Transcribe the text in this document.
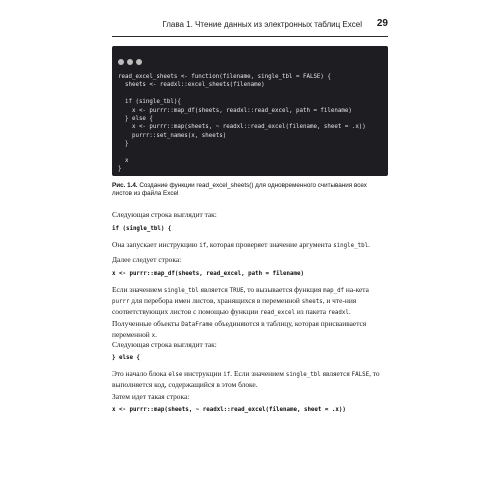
Глава 1. Чтение данных из электронных таблиц Excel 29
read_excel_sheets <- function(filename, single_tbl = FALSE) {
sheets <- readxl::excel_sheets(filename)

if (single_tbl){
x <- purrr::map_df(sheets, readxl::read_excel, path = filename)
} else {
x <- purrr::map(sheets, ~ readxl::read_excel(filename, sheet = .x))
purrr::set_names(x, sheets)
}

x
}
Рис. 1.4. Создание функции read_excel_sheets() для одновременного считывания всех листов из файла Excel
Следующая строка выглядит так:
if (single_tbl) {
Она запускает инструкцию if, которая проверяет значение аргумента single_tbl.
Далее следует строка:
x <- purrr::map_df(sheets, read_excel, path = filename)
Если значением single_tbl является TRUE, то вызывается функция map_df на-кета purrr для перебора имен листов, хранящихся в переменной sheets, и чте-ния соответствующих листов с помощью функции read_excel из пакета readxl. Полученные объекты DataFrame объединяются в таблицу, которая присваивается переменной x.
Следующая строка выглядит так:
} else {
Это начало блока else инструкции if. Если значением single_tbl является FALSE, то выполняется код, содержащийся в этом блоке.
Затем идет такая строка:
x <- purrr::map(sheets, ~ readxl::read_excel(filename, sheet = .x))
